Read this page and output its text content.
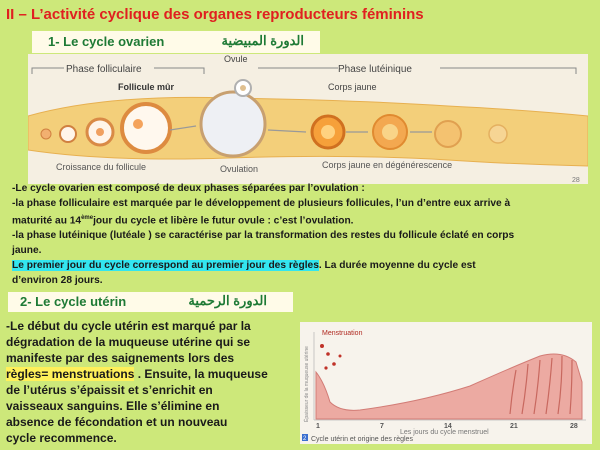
II – L’activité cyclique des organes reproducteurs féminins
1- Le cycle ovarien	الدورة المبيضية
Phase folliculaire	Phase lutéinique
Ovule
Follicule mûr	Corps jaune
Croissance du follicule	Ovulation	Corps jaune en dégénérescence
28
-Le cycle ovarien est composé de deux phases séparées par l’ovulation :
-la phase folliculaire est marquée par le développement de plusieurs follicules, l’un d’entre eux arrive à
maturité au 14èmejour du cycle et libère le futur ovule : c’est l’ovulation.
-la phase lutéinique (lutéale ) se caractérise par la transformation des restes du follicule éclaté en corps
jaune.
Le premier jour du cycle correspond au premier jour des règles. La durée moyenne du cycle est
d’environ 28 jours.
2- Le cycle utérin	الدورة الرحمية
-Le début du cycle utérin est marqué par la
dégradation de la muqueuse utérine qui se
manifeste par des saignements lors des
règles= menstruations . Ensuite, la muqueuse
de l’utérus s’épaissit et s’enrichit en
vaisseaux sanguins. Elle s’élimine en
absence de fécondation et un nouveau
cycle recommence.
Épaisseur de la muqueuse utérine
Menstruation
1	7	14	21	28
Les jours du cycle menstruel
2 Cycle utérin et origine des règles
